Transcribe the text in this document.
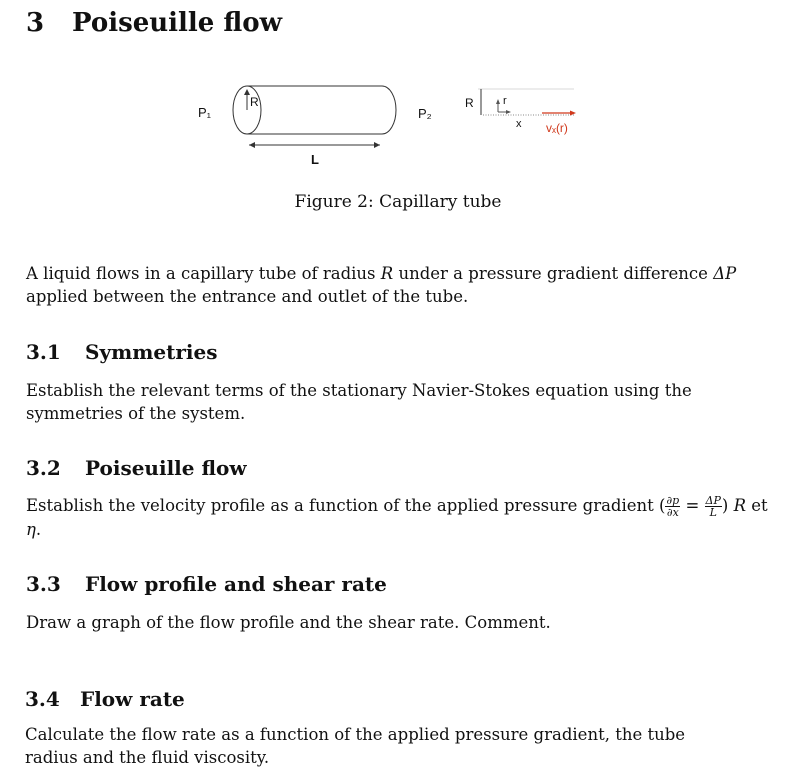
3 Poiseuille flow
R
P₁	P₂
L
R	r
x vₓ(r)
Figure 2: Capillary tube
A liquid flows in a capillary tube of radius R under a pressure gradient difference ΔP applied between the entrance and outlet of the tube.
3.1 Symmetries
Establish the relevant terms of the stationary Navier-Stokes equation using the symmetries of the system.
3.2 Poiseuille flow
Establish the velocity profile as a function of the applied pressure gradient ( $\frac{\partial p}{\partial x} = \frac{\Delta P}{L}$ ) R et η.
3.3 Flow profile and shear rate
Draw a graph of the flow profile and the shear rate. Comment.
3.4 Flow rate
Calculate the flow rate as a function of the applied pressure gradient, the tube radius and the fluid viscosity.
